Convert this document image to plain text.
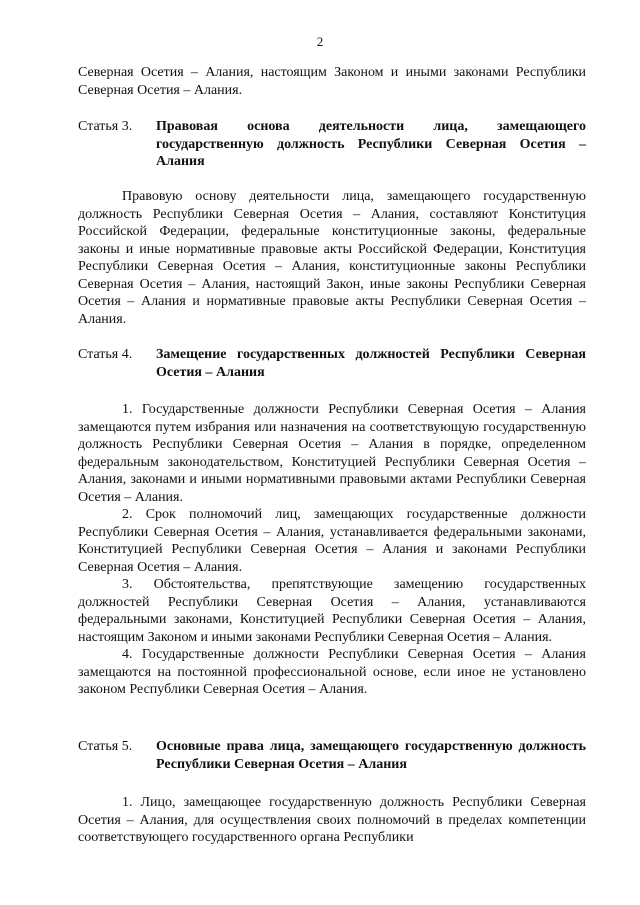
2

Северная Осетия – Алания, настоящим Законом и иными законами Республики Северная Осетия – Алания.

Статья 3.	Правовая основа деятельности лица, замещающего государственную должность Республики Северная Осетия – Алания

Правовую основу деятельности лица, замещающего государственную должность Республики Северная Осетия – Алания, составляют Конституция Российской Федерации, федеральные конституционные законы, федеральные законы и иные нормативные правовые акты Российской Федерации, Конституция Республики Северная Осетия – Алания, конституционные законы Республики Северная Осетия – Алания, настоящий Закон, иные законы Республики Северная Осетия – Алания и нормативные правовые акты Республики Северная Осетия – Алания.

Статья 4.	Замещение государственных должностей Республики Северная Осетия – Алания

1. Государственные должности Республики Северная Осетия – Алания замещаются путем избрания или назначения на соответствующую государственную должность Республики Северная Осетия – Алания в порядке, определенном федеральным законодательством, Конституцией Республики Северная Осетия – Алания, законами и иными нормативными правовыми актами Республики Северная Осетия – Алания.

2. Срок полномочий лиц, замещающих государственные должности Республики Северная Осетия – Алания, устанавливается федеральными законами, Конституцией Республики Северная Осетия – Алания и законами Республики Северная Осетия – Алания.

3. Обстоятельства, препятствующие замещению государственных должностей Республики Северная Осетия – Алания, устанавливаются федеральными законами, Конституцией Республики Северная Осетия – Алания, настоящим Законом и иными законами Республики Северная Осетия – Алания.

4. Государственные должности Республики Северная Осетия – Алания замещаются на постоянной профессиональной основе, если иное не установлено законом Республики Северная Осетия – Алания.

Статья 5.	Основные права лица, замещающего государственную должность Республики Северная Осетия – Алания

1. Лицо, замещающее государственную должность Республики Северная Осетия – Алания, для осуществления своих полномочий в пределах компетенции соответствующего государственного органа Республики
